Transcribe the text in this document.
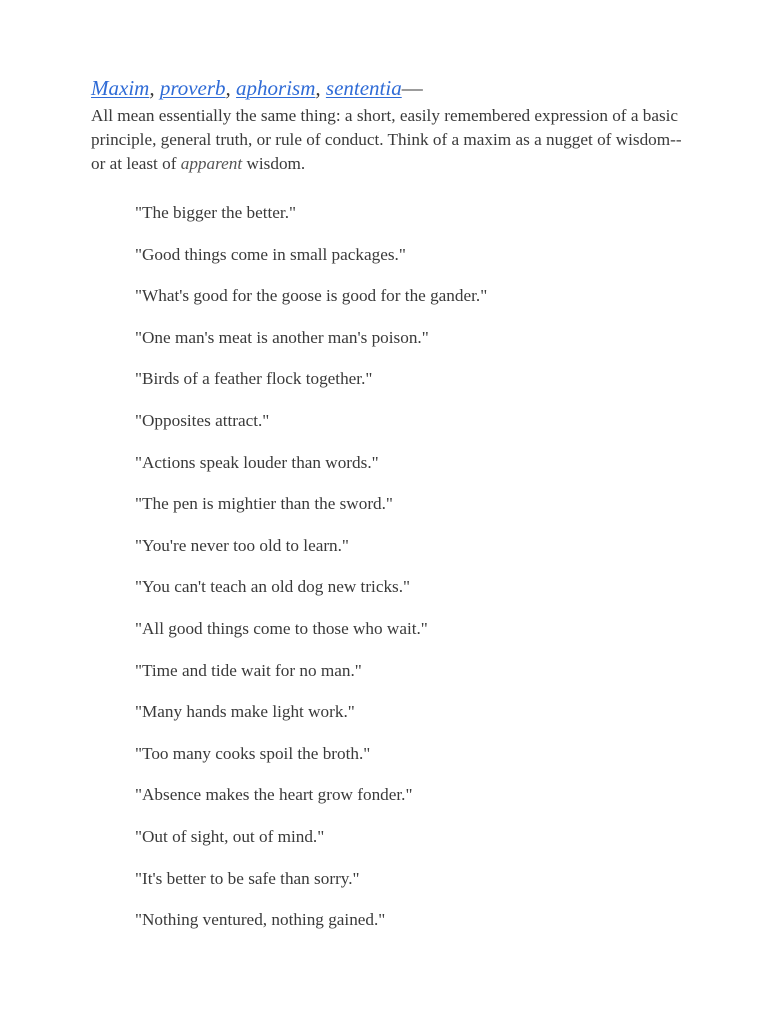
Maxim, proverb, aphorism, sententia—

All mean essentially the same thing: a short, easily remembered expression of a basic principle, general truth, or rule of conduct. Think of a maxim as a nugget of wisdom--or at least of apparent wisdom.

"The bigger the better."
"Good things come in small packages."
"What's good for the goose is good for the gander."
"One man's meat is another man's poison."
"Birds of a feather flock together."
"Opposites attract."
"Actions speak louder than words."
"The pen is mightier than the sword."
"You're never too old to learn."
"You can't teach an old dog new tricks."
"All good things come to those who wait."
"Time and tide wait for no man."
"Many hands make light work."
"Too many cooks spoil the broth."
"Absence makes the heart grow fonder."
"Out of sight, out of mind."
"It's better to be safe than sorry."
"Nothing ventured, nothing gained."
